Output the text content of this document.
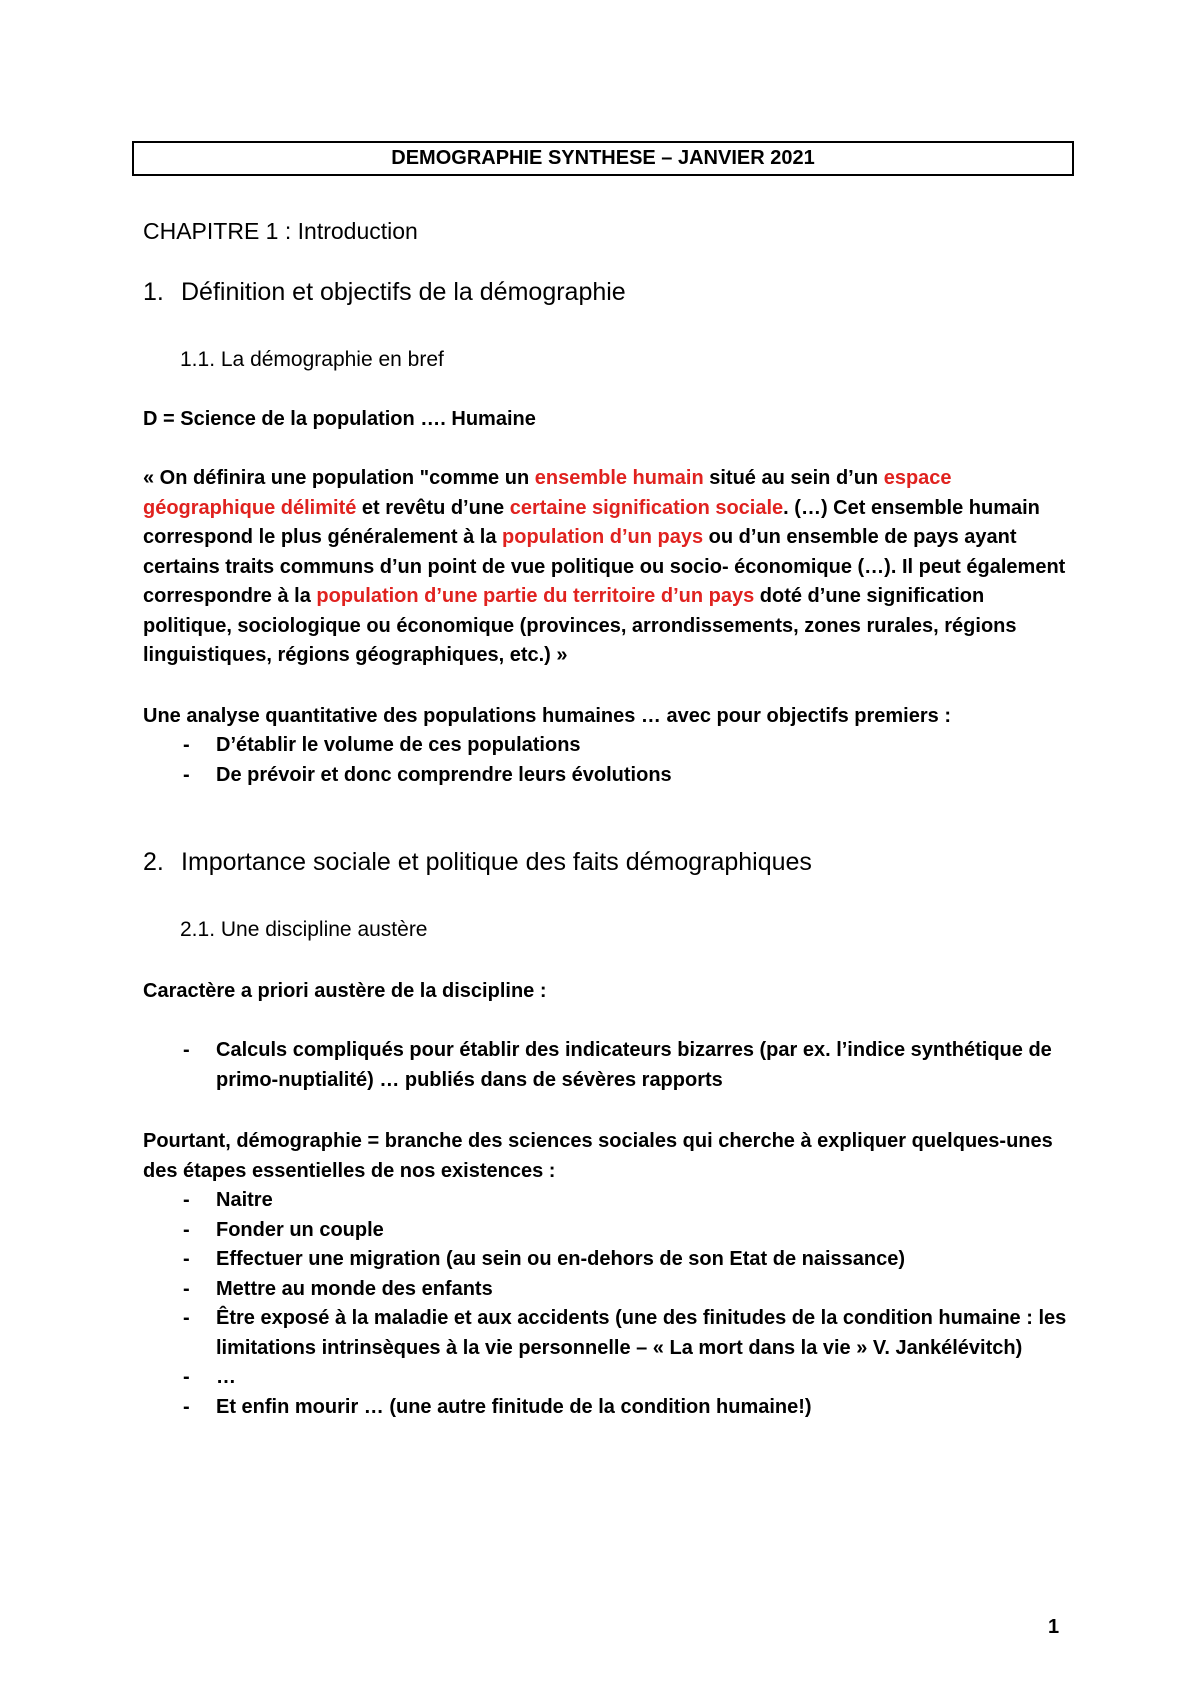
DEMOGRAPHIE SYNTHESE – JANVIER 2021
CHAPITRE 1 : Introduction
1. Définition et objectifs de la démographie
1.1. La démographie en bref
D = Science de la population …. Humaine
« On définira une population "comme un ensemble humain situé au sein d’un espace géographique délimité et revêtu d’une certaine signification sociale. (…) Cet ensemble humain correspond le plus généralement à la population d’un pays ou d’un ensemble de pays ayant certains traits communs d’un point de vue politique ou socio- économique (…). Il peut également correspondre à la population d’une partie du territoire d’un pays doté d’une signification politique, sociologique ou économique (provinces, arrondissements, zones rurales, régions linguistiques, régions géographiques, etc.) »
Une analyse quantitative des populations humaines … avec pour objectifs premiers :
- D’établir le volume de ces populations
- De prévoir et donc comprendre leurs évolutions
2. Importance sociale et politique des faits démographiques
2.1. Une discipline austère
Caractère a priori austère de la discipline :
- Calculs compliqués pour établir des indicateurs bizarres (par ex. l’indice synthétique de primo-nuptialité) … publiés dans de sévères rapports
Pourtant, démographie = branche des sciences sociales qui cherche à expliquer quelques-unes des étapes essentielles de nos existences :
- Naitre
- Fonder un couple
- Effectuer une migration (au sein ou en-dehors de son Etat de naissance)
- Mettre au monde des enfants
- Être exposé à la maladie et aux accidents (une des finitudes de la condition humaine : les limitations intrinsèques à la vie personnelle – « La mort dans la vie » V. Jankélévitch)
- …
- Et enfin mourir … (une autre finitude de la condition humaine!)
1
